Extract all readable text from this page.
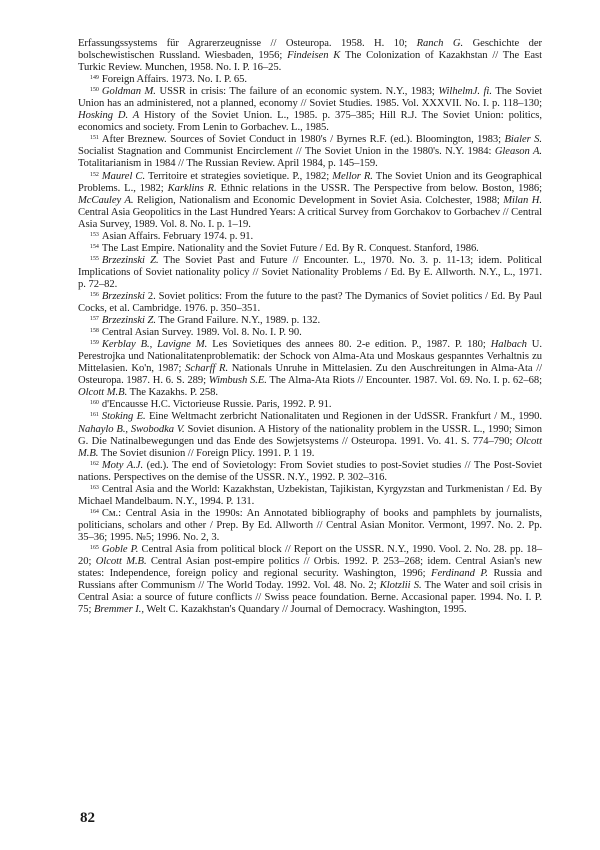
Erfassungssystems für Agrarerzeugnisse // Osteuropa. 1958. H. 10; Ranch G. Geschichte der bolschewistischen Russland. Wiesbaden, 1956; Findeisen K The Colonization of Kazakhstan // The East Turkic Review. Munchen, 1958. No. I. P. 16–25.

$^{149}$ Foreign Affairs. 1973. No. I. P. 65.

$^{150}$ Goldman M. USSR in crisis: The failure of an economic system. N.Y., 1983; WilhelmJ. fi. The Soviet Union has an administered, not a planned, economy // Soviet Studies. 1985. Vol. XXXVII. No. I. p. 118–130; Hosking D. A History of the Soviet Union. L., 1985. p. 375–385; Hill R.J. The Soviet Union: politics, economics and society. From Lenin to Gorbachev. L., 1985.

$^{151}$ After Breznew. Sources of Soviet Conduct in 1980's / Byrnes R.F. (ed.). Bloomington, 1983; Bialer S. Socialist Stagnation and Communist Encirclement // The Soviet Union in the 1980's. N.Y. 1984: Gleason A. Totalitarianism in 1984 // The Russian Review. April 1984, p. 145–159.

$^{152}$ Maurel C. Territoire et strategies sovietique. P., 1982; Mellor R. The Soviet Union and its Geographical Problems. L., 1982; Karklins R. Ethnic relations in the USSR. The Perspective from below. Boston, 1986; McCauley A. Religion, Nationalism and Economic Development in Soviet Asia. Colchester, 1988; Milan H. Central Asia Geopolitics in the Last Hundred Years: A critical Survey from Gorchakov to Gorbachev // Central Asia Survey, 1989. Vol. 8. No. I. p. 1–19.

$^{153}$ Asian Affairs. February 1974. p. 91.

$^{154}$ The Last Empire. Nationality and the Soviet Future / Ed. By R. Conquest. Stanford, 1986.

$^{155}$ Brzezinski Z. The Soviet Past and Future // Encounter. L., 1970. No. 3. p. 11-13; idem. Political Implications of Soviet nationality policy // Soviet Nationality Problems / Ed. By E. Allworth. N.Y., L., 1971. p. 72–82.

$^{156}$ Brzezinski 2. Soviet politics: From the future to the past? The Dymanics of Soviet politics / Ed. By Paul Cocks, et al. Cambridge. 1976. p. 350–351.

$^{157}$ Brzezinski Z. The Grand Failure. N.Y., 1989. p. 132.

$^{158}$ Central Asian Survey. 1989. Vol. 8. No. I. P. 90.

$^{159}$ Kerblay B., Lavigne M. Les Sovietiques des annees 80. 2-e edition. P., 1987. P. 180; Halbach U. Perestrojka und Nationalitatenproblematik: der Schock von Alma-Ata und Moskaus gespanntes Verhaltnis zu Mittelasien. Ko'n, 1987; Scharff R. Nationals Unruhe in Mittelasien. Zu den Auschreitungen in Alma-Ata // Osteuropa. 1987. H. 6. S. 289; Wimbush S.E. The Alma-Ata Riots // Encounter. 1987. Vol. 69. No. I. p. 62–68; Olcott M.B. The Kazakhs. P. 258.

$^{160}$ d'Encausse H.C. Victorieuse Russie. Paris, 1992. P. 91.

$^{161}$ Stoking E. Eine Weltmacht zerbricht Nationalitaten und Regionen in der UdSSR. Frankfurt / M., 1990. Nahaylo B., Swobodka V. Soviet disunion. A History of the nationality problem in the USSR. L., 1990; Simon G. Die Natinalbewegungen und das Ende des Sowjetsystems // Osteuropa. 1991. Vo. 41. S. 774–790; Olcott M.B. The Soviet disunion // Foreign Plicy. 1991. P. 1 19.

$^{162}$ Moty A.J. (ed.). The end of Sovietology: From Soviet studies to post-Soviet studies // The Post-Soviet nations. Perspectives on the demise of the USSR. N.Y., 1992. P. 302–316.

$^{163}$ Central Asia and the World: Kazakhstan, Uzbekistan, Tajikistan, Kyrgyzstan and Turkmenistan / Ed. By Michael Mandelbaum. N.Y., 1994. P. 131.

$^{164}$ См.: Central Asia in the 1990s: An Annotated bibliography of books and pamphlets by journalists, politicians, scholars and other / Prep. By Ed. Allworth // Central Asian Monitor. Vermont, 1997. No. 2. Pp. 35–36; 1995. №5; 1996. No. 2, 3.

$^{165}$ Goble P. Central Asia from political block // Report on the USSR. N.Y., 1990. Vool. 2. No. 28. pp. 18–20; Olcott M.B. Central Asian post-empire politics // Orbis. 1992. P. 253–268; idem. Central Asian's new states: Independence, foreign policy and regional security. Washington, 1996; Ferdinand P. Russia and Russians after Communism // The World Today. 1992. Vol. 48. No. 2; Klotzlii S. The Water and soil crisis in Central Asia: a source of future conflicts // Swiss peace foundation. Berne. Accasional paper. 1994. No. I. P. 75; Bremmer I., Welt C. Kazakhstan's Quandary // Journal of Democracy. Washington, 1995.

82
